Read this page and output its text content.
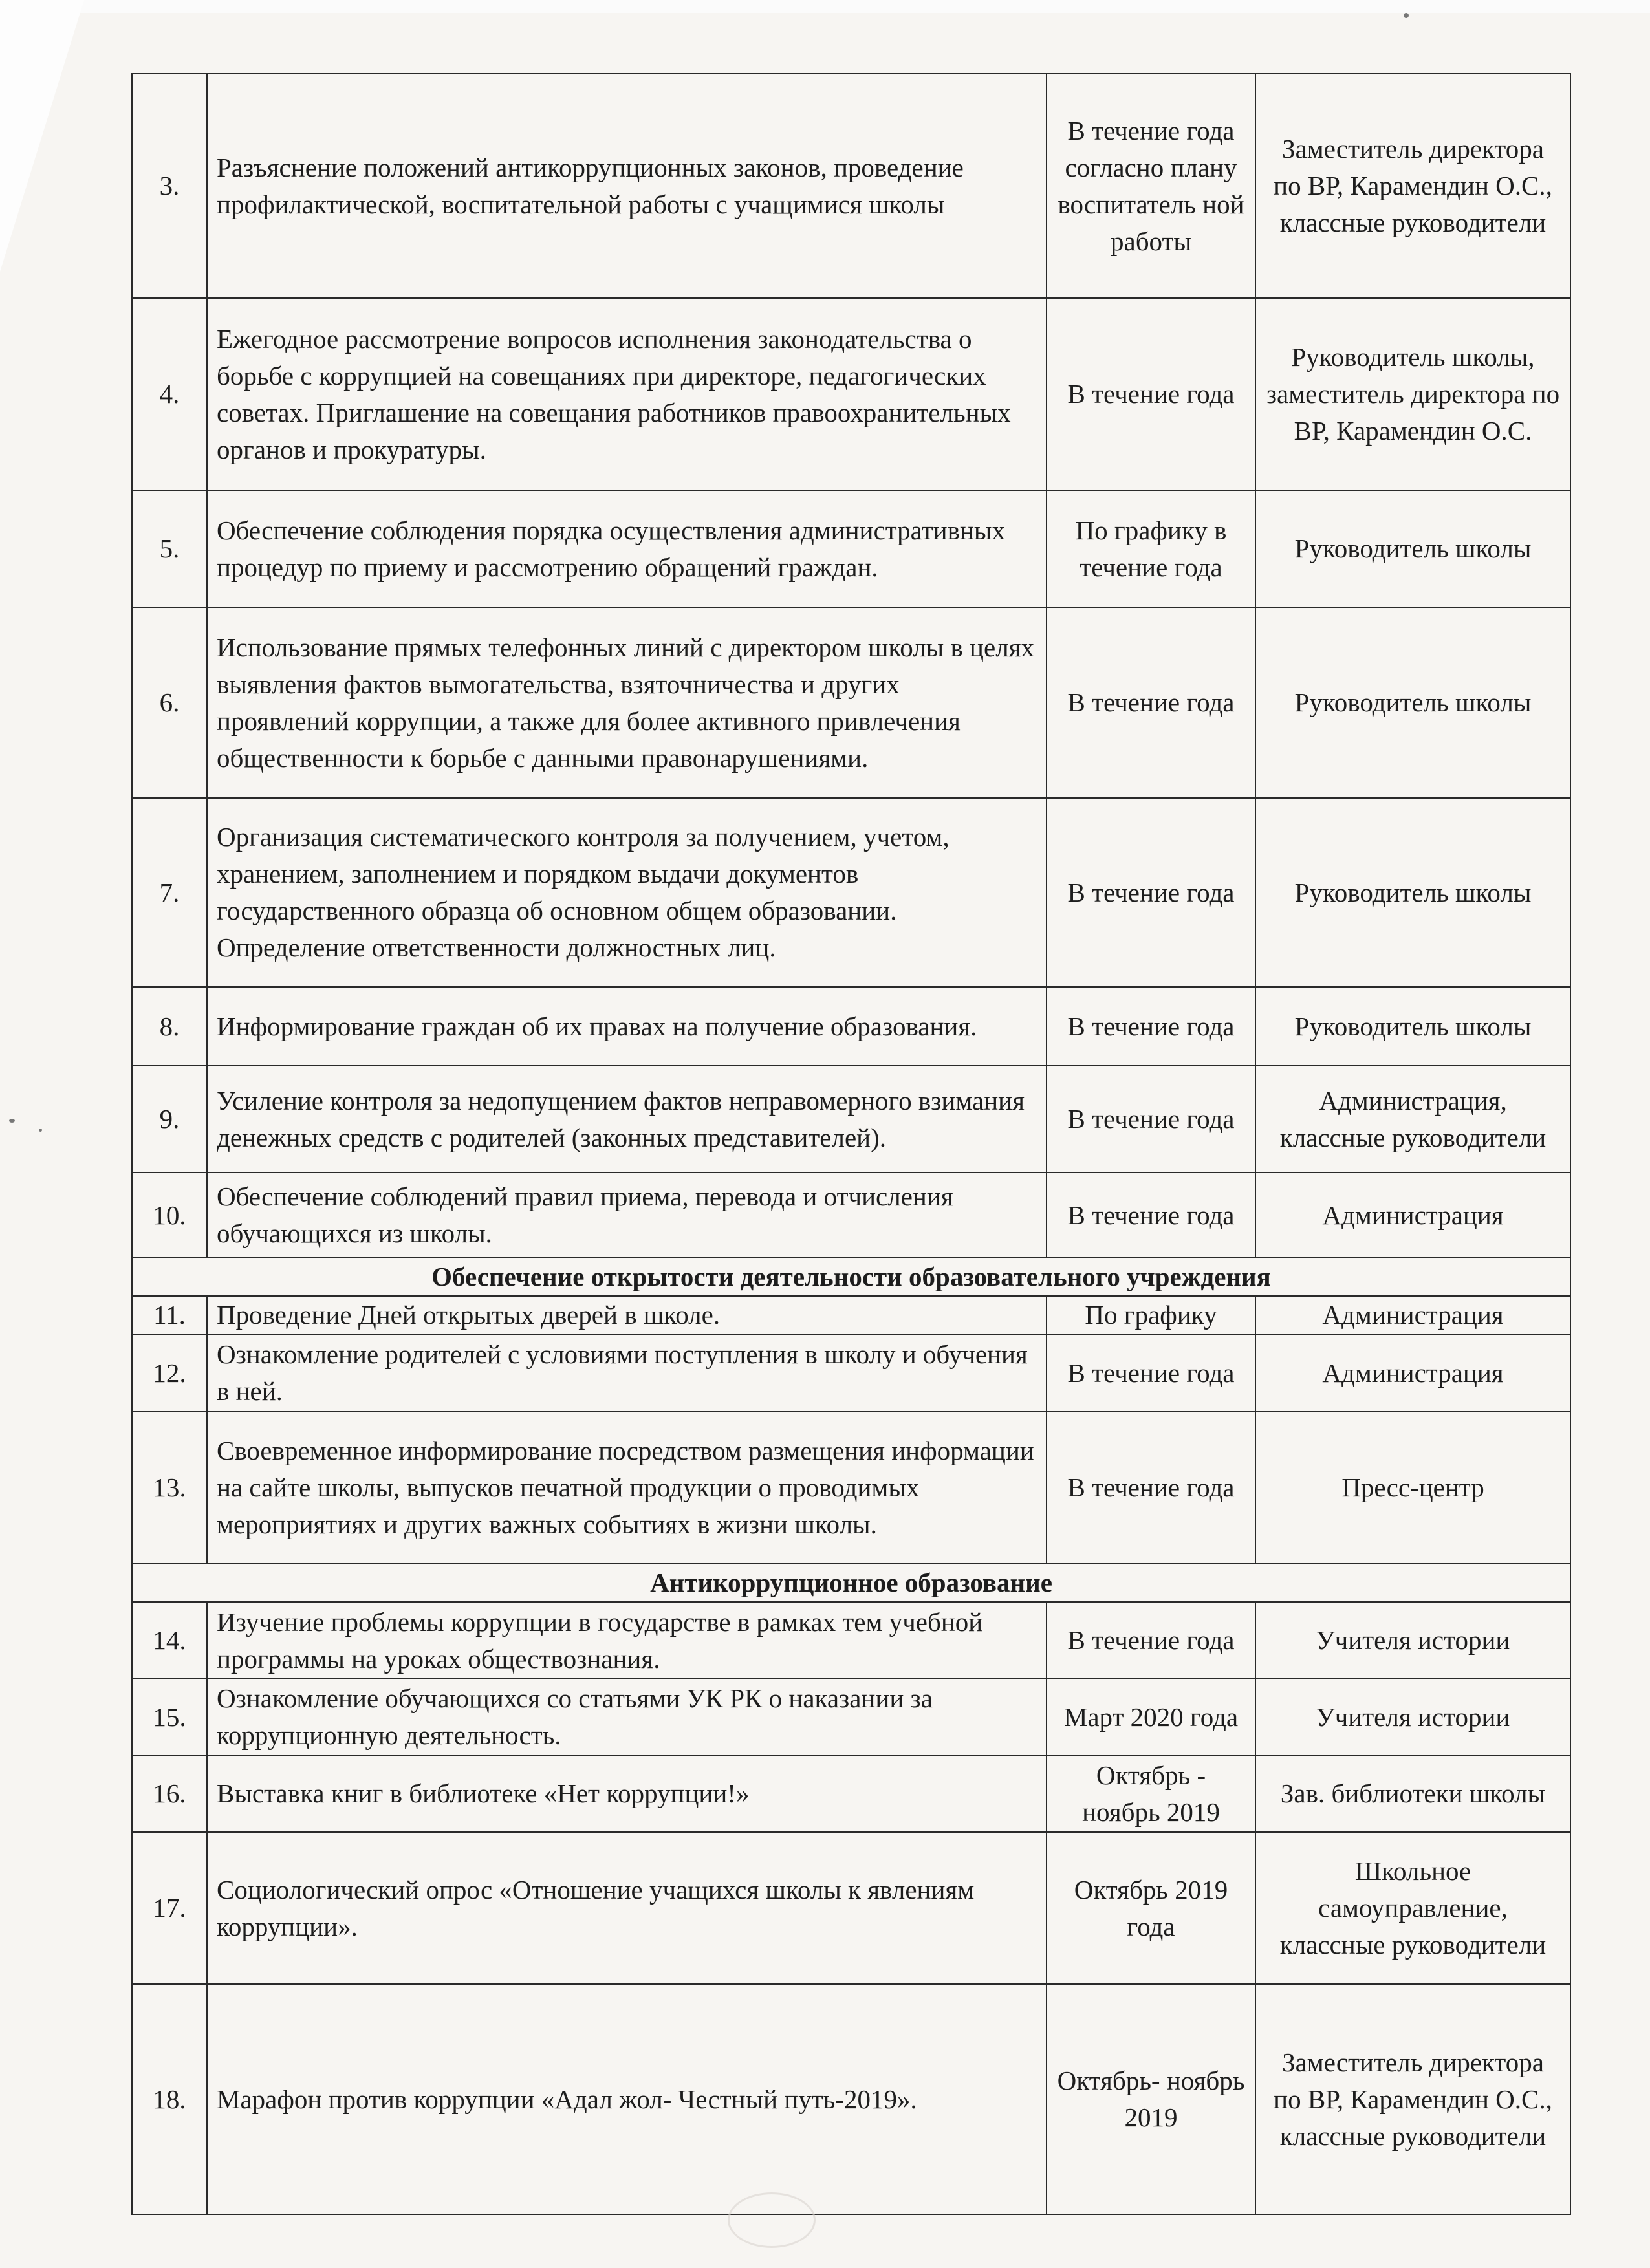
3.	Разъяснение положений антикоррупционных законов, проведение профилактической, воспитательной работы с учащимися школы	В течение года согласно плану воспитатель ной работы	Заместитель директора по ВР, Карамендин О.С., классные руководители
4.	Ежегодное рассмотрение вопросов исполнения законодательства о борьбе с коррупцией на совещаниях при директоре, педагогических советах. Приглашение на совещания работников правоохранительных органов и прокуратуры.	В течение года	Руководитель школы, заместитель директора по ВР, Карамендин О.С.
5.	Обеспечение соблюдения порядка осуществления административных процедур по приему и рассмотрению обращений граждан.	По графику в течение года	Руководитель школы
6.	Использование прямых телефонных линий с директором школы в целях выявления фактов вымогательства, взяточничества и других проявлений коррупции, а также для более активного привлечения общественности к борьбе с данными правонарушениями.	В течение года	Руководитель школы
7.	Организация систематического контроля за получением, учетом, хранением, заполнением и порядком выдачи документов государственного образца об основном общем образовании. Определение ответственности должностных лиц.	В течение года	Руководитель школы
8.	Информирование граждан об их правах на получение образования.	В течение года	Руководитель школы
9.	Усиление контроля за недопущением фактов неправомерного взимания денежных средств с родителей (законных представителей).	В течение года	Администрация, классные руководители
10.	Обеспечение соблюдений правил приема, перевода и отчисления обучающихся из школы.	В течение года	Администрация
Обеспечение открытости деятельности образовательного учреждения			
11.	Проведение Дней открытых дверей в школе.	По графику	Администрация
12.	Ознакомление родителей с условиями поступления в школу и обучения в ней.	В течение года	Администрация
13.	Своевременное информирование посредством размещения информации на сайте школы, выпусков печатной продукции о проводимых мероприятиях и других важных событиях в жизни школы.	В течение года	Пресс-центр
Антикоррупционное образование			
14.	Изучение проблемы коррупции в государстве в рамках тем учебной программы на уроках обществознания.	В течение года	Учителя истории
15.	Ознакомление обучающихся со статьями УК РК о наказании за коррупционную деятельность.	Март 2020 года	Учителя истории
16.	Выставка книг в библиотеке «Нет коррупции!»	Октябрь - ноябрь 2019	Зав. библиотеки школы
17.	Социологический опрос «Отношение учащихся школы к явлениям коррупции».	Октябрь 2019 года	Школьное самоуправление, классные руководители
18.	Марафон против коррупции «Адал жол- Честный путь-2019».	Октябрь- ноябрь 2019	Заместитель директора по ВР, Карамендин О.С., классные руководители
